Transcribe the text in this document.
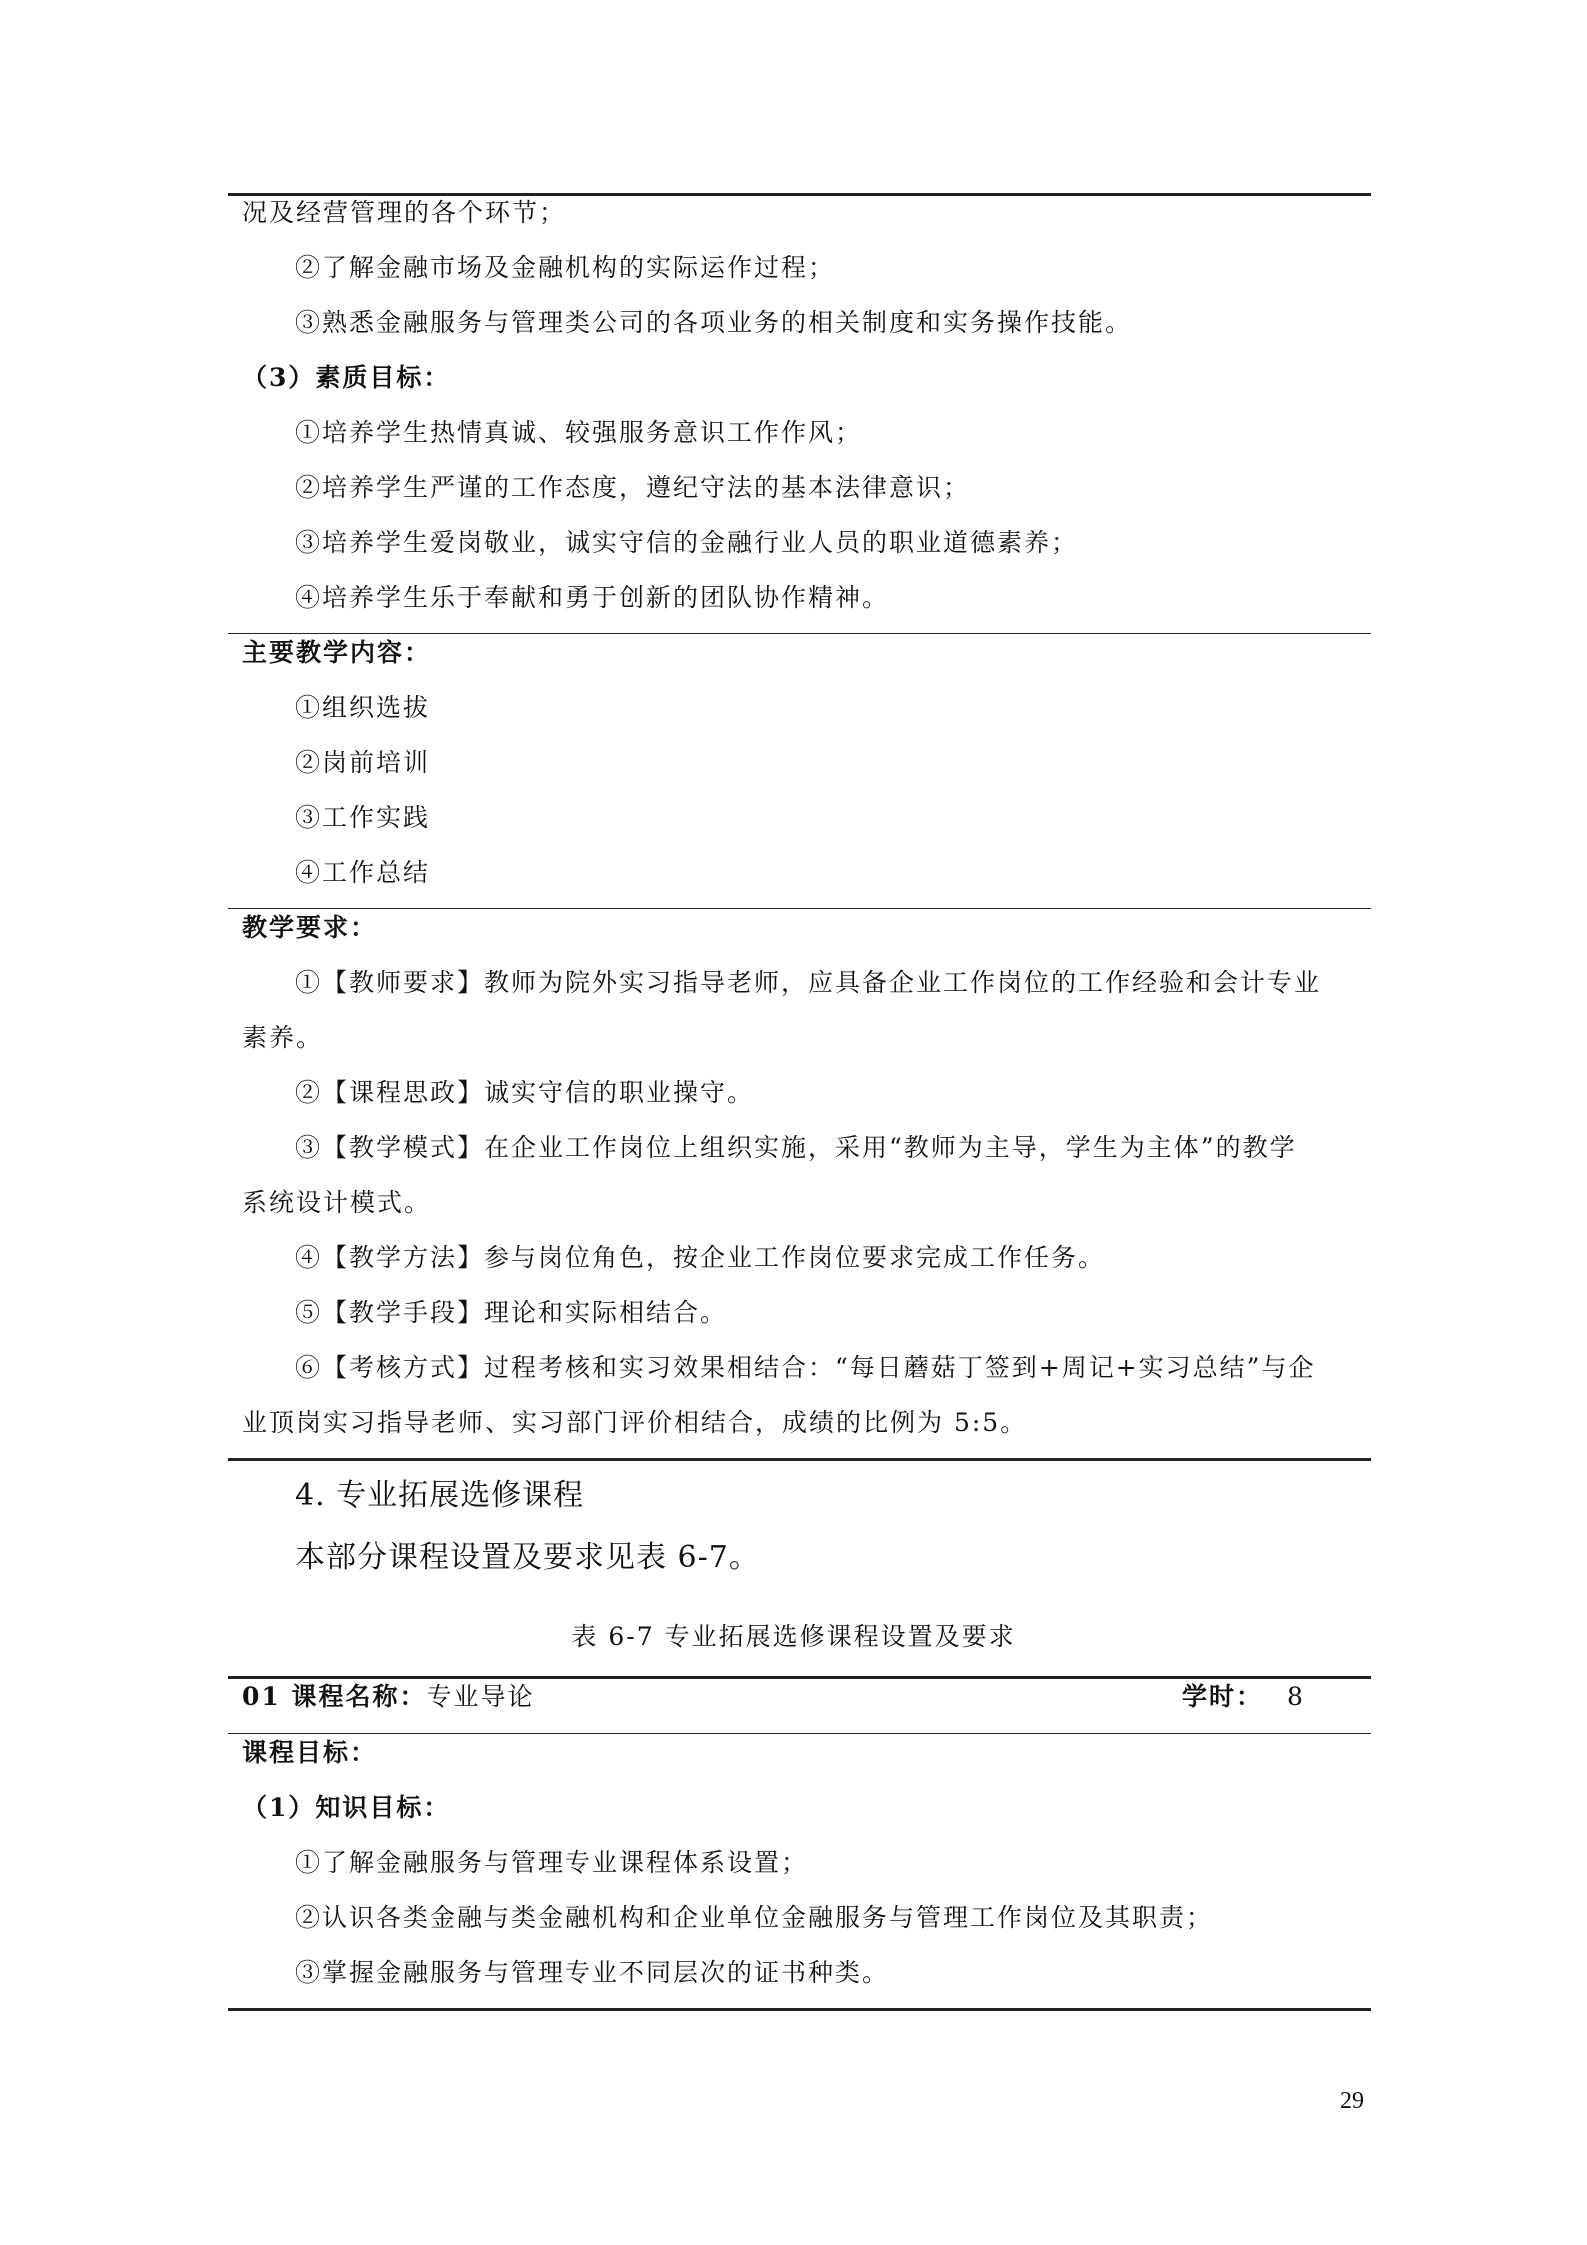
况及经营管理的各个环节；
②了解金融市场及金融机构的实际运作过程；
③熟悉金融服务与管理类公司的各项业务的相关制度和实务操作技能。
（3）素质目标：
①培养学生热情真诚、较强服务意识工作作风；
②培养学生严谨的工作态度，遵纪守法的基本法律意识；
③培养学生爱岗敬业，诚实守信的金融行业人员的职业道德素养；
④培养学生乐于奉献和勇于创新的团队协作精神。
主要教学内容：
①组织选拔
②岗前培训
③工作实践
④工作总结
教学要求：
①【教师要求】教师为院外实习指导老师，应具备企业工作岗位的工作经验和会计专业
素养。
②【课程思政】诚实守信的职业操守。
③【教学模式】在企业工作岗位上组织实施，采用“教师为主导，学生为主体”的教学
系统设计模式。
④【教学方法】参与岗位角色，按企业工作岗位要求完成工作任务。
⑤【教学手段】理论和实际相结合。
⑥【考核方式】过程考核和实习效果相结合：“每日蘑菇丁签到+周记+实习总结”与企
业顶岗实习指导老师、实习部门评价相结合，成绩的比例为 5:5。
4. 专业拓展选修课程
本部分课程设置及要求见表 6-7。
表 6-7 专业拓展选修课程设置及要求
01 课程名称：专业导论	学时： 8
课程目标：
（1）知识目标：
①了解金融服务与管理专业课程体系设置；
②认识各类金融与类金融机构和企业单位金融服务与管理工作岗位及其职责；
③掌握金融服务与管理专业不同层次的证书种类。
29
